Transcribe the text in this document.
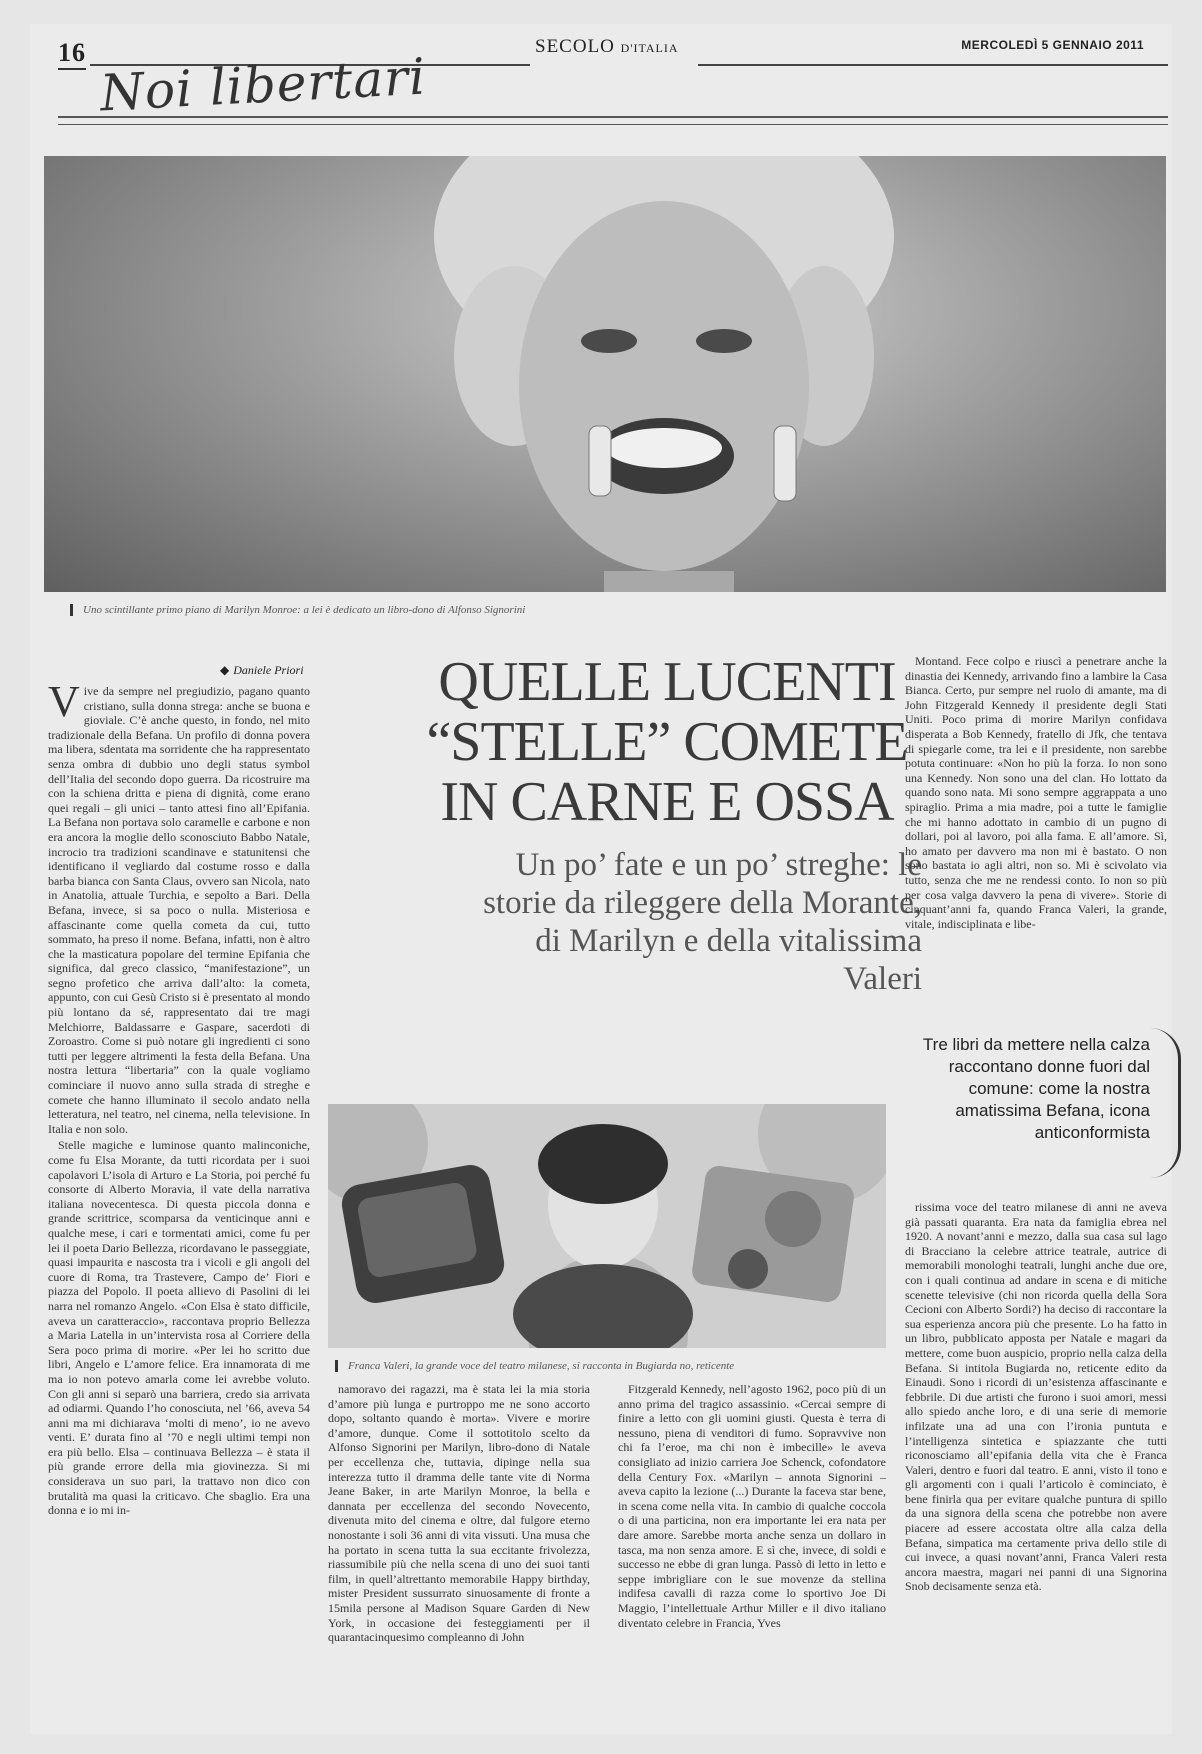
16	SECOLO D'ITALIA	MERCOLEDÌ 5 GENNAIO 2011
Noi libertari
Uno scintillante primo piano di Marilyn Monroe: a lei è dedicato un libro-dono di Alfonso Signorini
◆ Daniele Priori

Vive da sempre nel pregiudizio, pagano quanto cristiano, sulla donna strega: anche se buona e gioviale. C’è anche questo, in fondo, nel mito tradizionale della Befana. Un profilo di donna povera ma libera, sdentata ma sorridente che ha rappresentato senza ombra di dubbio uno degli status symbol dell’Italia del secondo dopo guerra. Da ricostruire ma con la schiena dritta e piena di dignità, come erano quei regali – gli unici – tanto attesi fino all’Epifania. La Befana non portava solo caramelle e carbone e non era ancora la moglie dello sconosciuto Babbo Natale, incrocio tra tradizioni scandinave e statunitensi che identificano il vegliardo dal costume rosso e dalla barba bianca con Santa Claus, ovvero san Nicola, nato in Anatolia, attuale Turchia, e sepolto a Bari. Della Befana, invece, si sa poco o nulla. Misteriosa e affascinante come quella cometa da cui, tutto sommato, ha preso il nome. Befana, infatti, non è altro che la masticatura popolare del termine Epifania che significa, dal greco classico, “manifestazione”, un segno profetico che arriva dall’alto: la cometa, appunto, con cui Gesù Cristo si è presentato al mondo più lontano da sé, rappresentato dai tre magi Melchiorre, Baldassarre e Gaspare, sacerdoti di Zoroastro. Come si può notare gli ingredienti ci sono tutti per leggere altrimenti la festa della Befana. Una nostra lettura “libertaria” con la quale vogliamo cominciare il nuovo anno sulla strada di streghe e comete che hanno illuminato il secolo andato nella letteratura, nel teatro, nel cinema, nella televisione. In Italia e non solo.

Stelle magiche e luminose quanto malinconiche, come fu Elsa Morante, da tutti ricordata per i suoi capolavori L’isola di Arturo e La Storia, poi perché fu consorte di Alberto Moravia, il vate della narrativa italiana novecentesca. Di questa piccola donna e grande scrittrice, scomparsa da venticinque anni e qualche mese, i cari e tormentati amici, come fu per lei il poeta Dario Bellezza, ricordavano le passeggiate, quasi impaurita e nascosta tra i vicoli e gli angoli del cuore di Roma, tra Trastevere, Campo de’ Fiori e piazza del Popolo. Il poeta allievo di Pasolini di lei narra nel romanzo Angelo. «Con Elsa è stato difficile, aveva un caratteraccio», raccontava proprio Bellezza a Maria Latella in un’intervista rosa al Corriere della Sera poco prima di morire. «Per lei ho scritto due libri, Angelo e L’amore felice. Era innamorata di me ma io non potevo amarla come lei avrebbe voluto. Con gli anni si separò una barriera, credo sia arrivata ad odiarmi. Quando l’ho conosciuta, nel ’66, aveva 54 anni ma mi dichiarava ‘molti di meno’, io ne avevo venti. E’ durata fino al ’70 e negli ultimi tempi non era più bello. Elsa – continuava Bellezza – è stata il più grande errore della mia giovinezza. Si mi considerava un suo pari, la trattavo non dico con brutalità ma quasi la criticavo. Che sbaglio. Era una donna e io mi in-

QUELLE LUCENTI “STELLE” COMETE IN CARNE E OSSA
Un po’ fate e un po’ streghe: le storie da rileggere della Morante, di Marilyn e della vitalissima Valeri

Montand. Fece colpo e riuscì a penetrare anche la dinastia dei Kennedy, arrivando fino a lambire la Casa Bianca. Certo, pur sempre nel ruolo di amante, ma di John Fitzgerald Kennedy il presidente degli Stati Uniti. Poco prima di morire Marilyn confidava disperata a Bob Kennedy, fratello di Jfk, che tentava di spiegarle come, tra lei e il presidente, non sarebbe potuta continuare: «Non ho più la forza. Io non sono una Kennedy. Non sono una del clan. Ho lottato da quando sono nata. Mi sono sempre aggrappata a uno spiraglio. Prima a mia madre, poi a tutte le famiglie che mi hanno adottato in cambio di un pugno di dollari, poi al lavoro, poi alla fama. E all’amore. Sì, ho amato per davvero ma non mi è bastato. O non sono bastata io agli altri, non so. Mi è scivolato via tutto, senza che me ne rendessi conto. Io non so più per cosa valga davvero la pena di vivere». Storie di cinquant’anni fa, quando Franca Valeri, la grande, vitale, indisciplinata e libe-

Tre libri da mettere nella calza raccontano donne fuori dal comune: come la nostra amatissima Befana, icona anticonformista
Franca Valeri, la grande voce del teatro milanese, si racconta in Bugiarda no, reticente

namoravo dei ragazzi, ma è stata lei la mia storia d’amore più lunga e purtroppo me ne sono accorto dopo, soltanto quando è morta». Vivere e morire d’amore, dunque. Come il sottotitolo scelto da Alfonso Signorini per Marilyn, libro-dono di Natale per eccellenza che, tuttavia, dipinge nella sua interezza tutto il dramma delle tante vite di Norma Jeane Baker, in arte Marilyn Monroe, la bella e dannata per eccellenza del secondo Novecento, divenuta mito del cinema e oltre, dal fulgore eterno nonostante i soli 36 anni di vita vissuti. Una musa che ha portato in scena tutta la sua eccitante frivolezza, riassumibile più che nella scena di uno dei suoi tanti film, in quell’altrettanto memorabile Happy birthday, mister President sussurrato sinuosamente di fronte a 15mila persone al Madison Square Garden di New York, in occasione dei festeggiamenti per il quarantacinquesimo compleanno di John

Fitzgerald Kennedy, nell’agosto 1962, poco più di un anno prima del tragico assassinio. «Cercai sempre di finire a letto con gli uomini giusti. Questa è terra di nessuno, piena di venditori di fumo. Sopravvive non chi fa l’eroe, ma chi non è imbecille» le aveva consigliato ad inizio carriera Joe Schenck, cofondatore della Century Fox. «Marilyn – annota Signorini – aveva capito la lezione (...) Durante la faceva star bene, in scena come nella vita. In cambio di qualche coccola o di una particina, non era importante lei era nata per dare amore. Sarebbe morta anche senza un dollaro in tasca, ma non senza amore. E sì che, invece, di soldi e successo ne ebbe di gran lunga. Passò di letto in letto e seppe imbrigliare con le sue movenze da stellina indifesa cavalli di razza come lo sportivo Joe Di Maggio, l’intellettuale Arthur Miller e il divo italiano diventato celebre in Francia, Yves

rissima voce del teatro milanese di anni ne aveva già passati quaranta. Era nata da famiglia ebrea nel 1920. A novant’anni e mezzo, dalla sua casa sul lago di Bracciano la celebre attrice teatrale, autrice di memorabili monologhi teatrali, lunghi anche due ore, con i quali continua ad andare in scena e di mitiche scenette televisive (chi non ricorda quella della Sora Cecioni con Alberto Sordi?) ha deciso di raccontare la sua esperienza ancora più che presente. Lo ha fatto in un libro, pubblicato apposta per Natale e magari da mettere, come buon auspicio, proprio nella calza della Befana. Si intitola Bugiarda no, reticente edito da Einaudi. Sono i ricordi di un’esistenza affascinante e febbrile. Di due artisti che furono i suoi amori, messi allo spiedo anche loro, e di una serie di memorie infilzate una ad una con l’ironia puntuta e l’intelligenza sintetica e spiazzante che tutti riconosciamo all’epifania della vita che è Franca Valeri, dentro e fuori dal teatro. E anni, visto il tono e gli argomenti con i quali l’articolo è cominciato, è bene finirla qua per evitare qualche puntura di spillo da una signora della scena che potrebbe non avere piacere ad essere accostata oltre alla calza della Befana, simpatica ma certamente priva dello stile di cui invece, a quasi novant’anni, Franca Valeri resta ancora maestra, magari nei panni di una Signorina Snob decisamente senza età.
